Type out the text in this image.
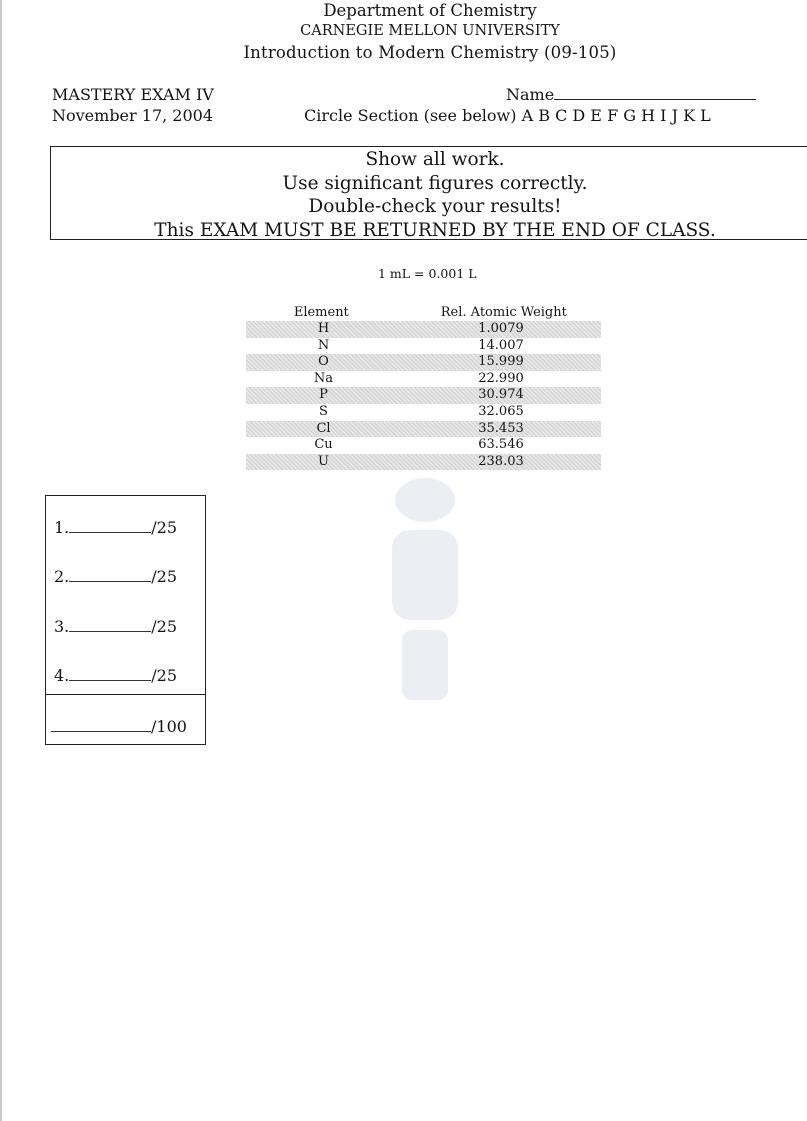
Department of Chemistry
CARNEGIE MELLON UNIVERSITY
Introduction to Modern Chemistry (09-105)
MASTERY EXAM IV
November 17, 2004
Name
Circle Section (see below) A B C D E F G H I J K L
Show all work.
Use significant figures correctly.
Double-check your results!
This EXAM MUST BE RETURNED BY THE END OF CLASS.
1 mL = 0.001 L
Element	Rel. Atomic Weight
H	1.0079
N	14.007
O	15.999
Na	22.990
P	30.974
S	32.065
Cl	35.453
Cu	63.546
U	238.03
1.	/25
2.	/25
3.	/25
4.	/25
/100
